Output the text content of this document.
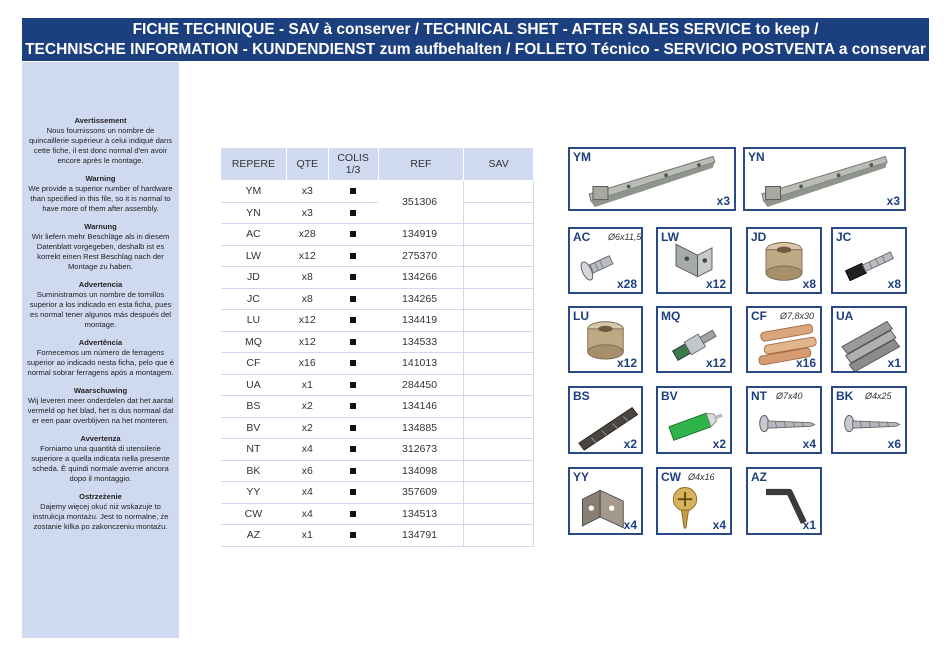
FICHE TECHNIQUE - SAV à conserver / TECHNICAL SHET - AFTER SALES SERVICE to keep /
TECHNISCHE INFORMATION - KUNDENDIENST zum aufbehalten / FOLLETO Técnico - SERVICIO POSTVENTA a conservar
Avertissement
Nous fournissons un nombre de quincaillerie supérieur à celui indiqué dans cette fiche, il est donc normal d'en avoir encore après le montage.
Warning
We provide a superior number of hardware than specified in this file, so it is normal to have more of them after assembly.
Warnung
Wir liefern mehr Beschläge als in diesem Datenblatt vorgegeben, deshalb ist es korrekt einen Rest Beschlag nach der Montage zu haben.
Advertencia
Suministramos un nombre de tornillos superior a los indicado en esta ficha, pues es normal tener algunos más después del montage.
Advertência
Fornecemos um número de ferragens superior ao indicado nesta ficha, pelo que é normal sobrar ferragens após a montagem.
Waarschuwing
Wij leveren meer onderdelen dat het aantal vermeld op het blad, het is dus normaal dat er een paar overblijven na het monteren.
Avvertenza
Forniamo una quantitá di utensilerie superiore a quella indicata nella presente scheda. È quindi normale averne ancora dopo il montaggio.
Ostrzeżenie
Dajemy więcej okuć niż wskazuje to instrukcja montażu. Jest to normalne, że zostanie kilka po zakonczeniu montażu.
REPERE	QTE	COLIS 1/3	REF	SAV
YM	x3		351306	
YN	x3			
AC	x28		134919	
LW	x12		275370	
JD	x8		134266	
JC	x8		134265	
LU	x12		134419	
MQ	x12		134533	
CF	x16		141013	
UA	x1		284450	
BS	x2		134146	
BV	x2		134885	
NT	x4		312673	
BK	x6		134098	
YY	x4		357609	
CW	x4		134513	
AZ	x1		134791	
YM
x3
YN
x3
AC Ø6x11,5
x28
LW
x12
JD
x8
JC
x8
LU
x12
MQ
x12
CF Ø7,8x30
x16
UA
x1
BS
x2
BV
x2
NT Ø7x40
x4
BK Ø4x25
x6
YY
x4
CW Ø4x16
x4
AZ
x1
